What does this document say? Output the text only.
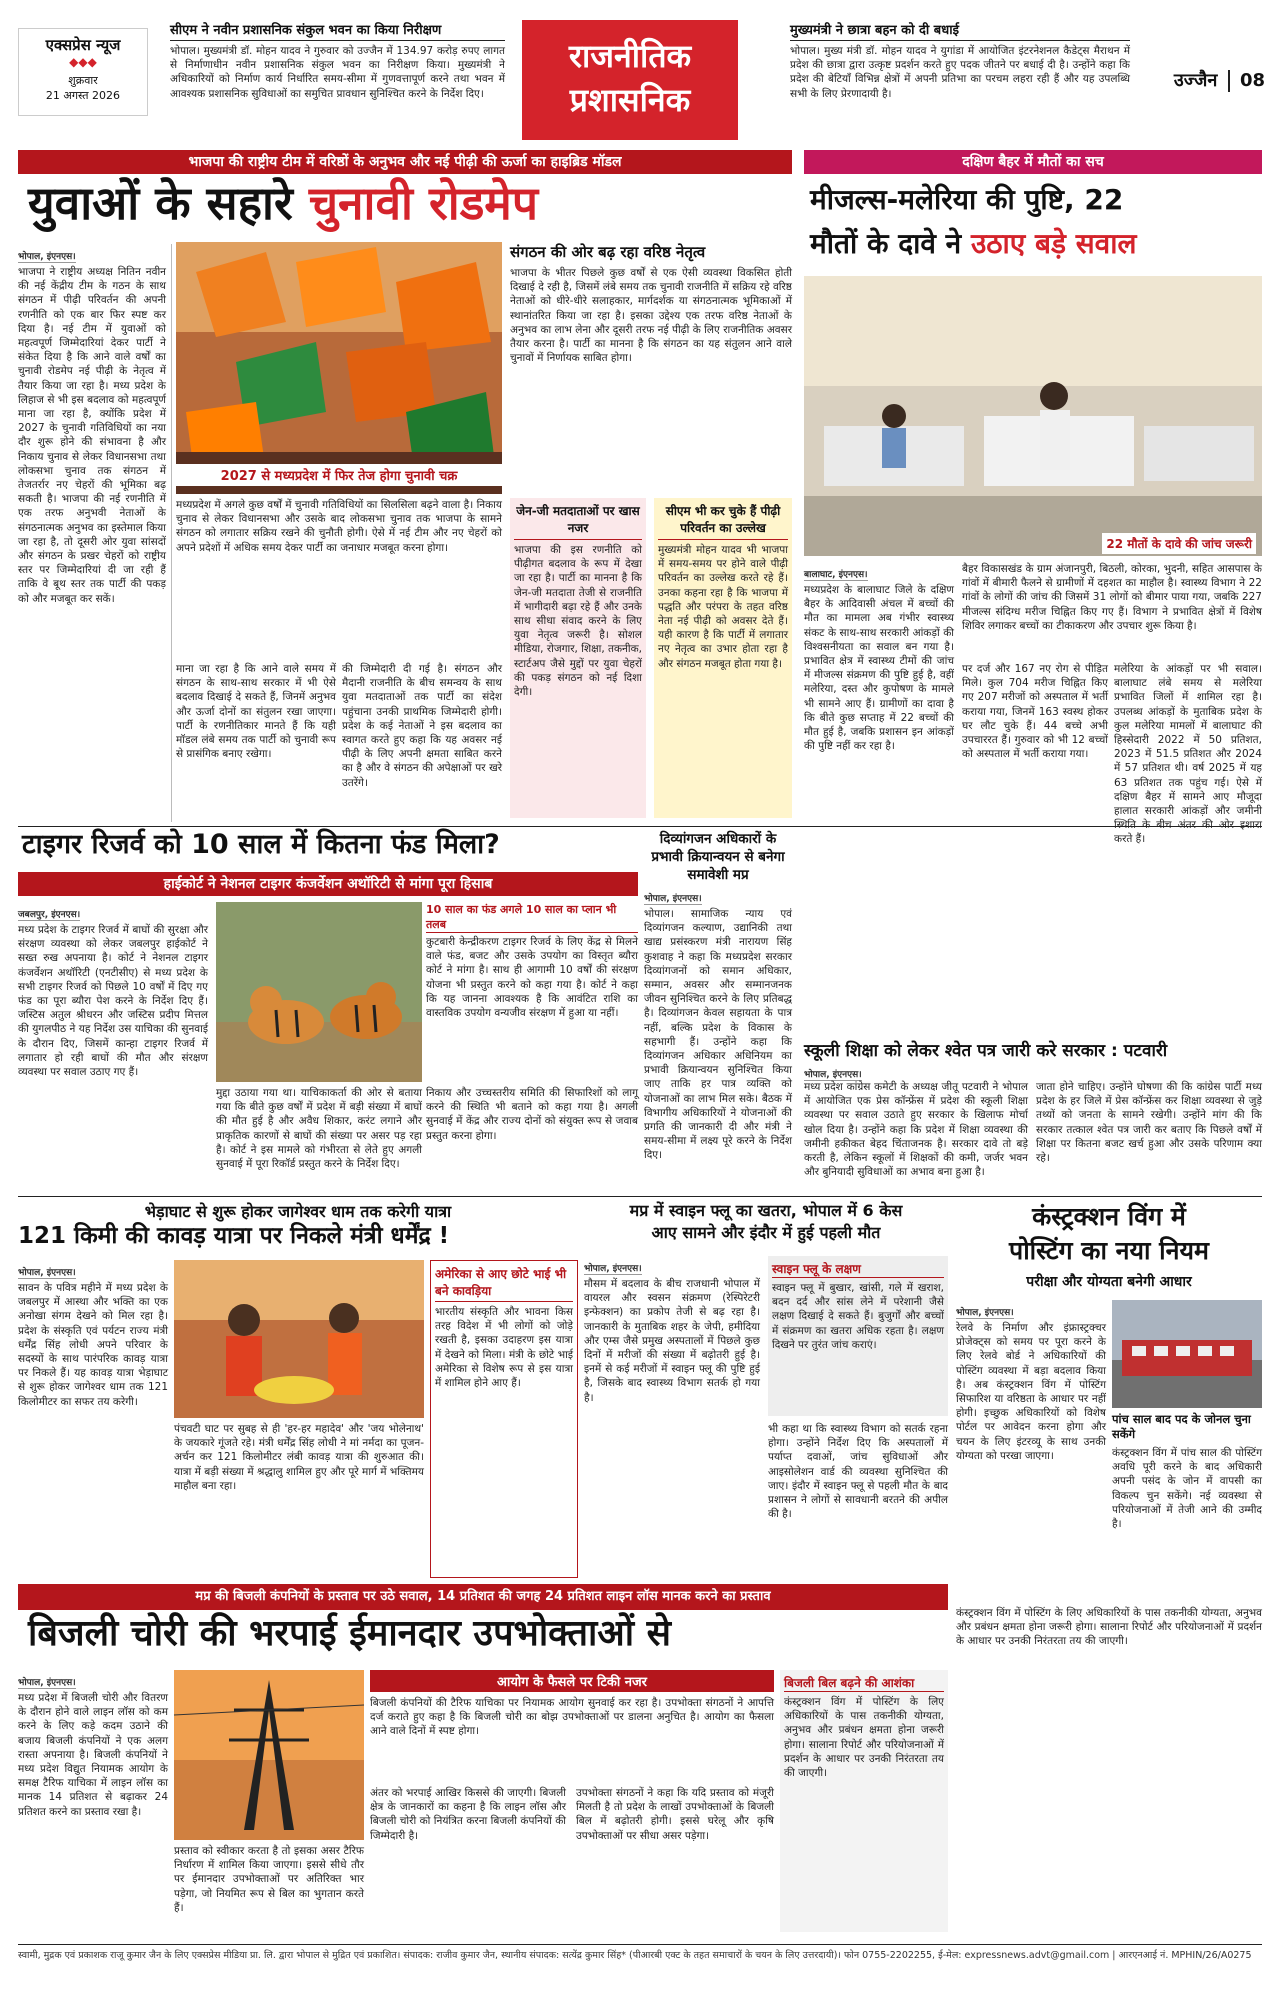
एक्सप्रेस न्यूज
◆◆◆
शुक्रवार
21 अगस्त 2026
सीएम ने नवीन प्रशासनिक संकुल भवन का किया निरीक्षण
भोपाल। मुख्यमंत्री डॉ. मोहन यादव ने गुरुवार को उज्जैन में 134.97 करोड़ रुपए लागत से निर्माणाधीन नवीन प्रशासनिक संकुल भवन का निरीक्षण किया। मुख्यमंत्री ने अधिकारियों को निर्माण कार्य निर्धारित समय-सीमा में गुणवत्तापूर्ण करने तथा भवन में आवश्यक प्रशासनिक सुविधाओं का समुचित प्रावधान सुनिश्चित करने के निर्देश दिए।
राजनीतिक
प्रशासनिक
मुख्यमंत्री ने छात्रा बहन को दी बधाई
भोपाल। मुख्य मंत्री डॉ. मोहन यादव ने युगांडा में आयोजित इंटरनेशनल कैडेट्स मैराथन में प्रदेश की छात्रा द्वारा उत्कृष्ट प्रदर्शन करते हुए पदक जीतने पर बधाई दी है। उन्होंने कहा कि प्रदेश की बेटियाँ विभिन्न क्षेत्रों में अपनी प्रतिभा का परचम लहरा रही हैं और यह उपलब्धि सभी के लिए प्रेरणादायी है।
उज्जैन 08
भाजपा की राष्ट्रीय टीम में वरिष्ठों के अनुभव और नई पीढ़ी की ऊर्जा का हाइब्रिड मॉडल
युवाओं के सहारे चुनावी रोडमेप
भोपाल, इंएनएस।
भाजपा ने राष्ट्रीय अध्यक्ष नितिन नवीन की नई केंद्रीय टीम के गठन के साथ संगठन में पीढ़ी परिवर्तन की अपनी रणनीति को एक बार फिर स्पष्ट कर दिया है। नई टीम में युवाओं को महत्वपूर्ण जिम्मेदारियां देकर पार्टी ने संकेत दिया है कि आने वाले वर्षों का चुनावी रोडमेप नई पीढ़ी के नेतृत्व में तैयार किया जा रहा है। मध्य प्रदेश के लिहाज से भी इस बदलाव को महत्वपूर्ण माना जा रहा है, क्योंकि प्रदेश में 2027 के चुनावी गतिविधियों का नया दौर शुरू होने की संभावना है और निकाय चुनाव से लेकर विधानसभा तथा लोकसभा चुनाव तक संगठन में तेजतर्रार नए चेहरों की भूमिका बढ़ सकती है। भाजपा की नई रणनीति में एक तरफ अनुभवी नेताओं के संगठनात्मक अनुभव का इस्तेमाल किया जा रहा है, तो दूसरी ओर युवा सांसदों और संगठन के प्रखर चेहरों को राष्ट्रीय स्तर पर जिम्मेदारियां दी जा रही हैं ताकि वे बूथ स्तर तक पार्टी की पकड़ को और मजबूत कर सकें।
2027 से मध्यप्रदेश में फिर तेज होगा चुनावी चक्र
संगठन की ओर बढ़ रहा वरिष्ठ नेतृत्व
भाजपा के भीतर पिछले कुछ वर्षों से एक ऐसी व्यवस्था विकसित होती दिखाई दे रही है, जिसमें लंबे समय तक चुनावी राजनीति में सक्रिय रहे वरिष्ठ नेताओं को धीरे-धीरे सलाहकार, मार्गदर्शक या संगठनात्मक भूमिकाओं में स्थानांतरित किया जा रहा है। इसका उद्देश्य एक तरफ वरिष्ठ नेताओं के अनुभव का लाभ लेना और दूसरी तरफ नई पीढ़ी के लिए राजनीतिक अवसर तैयार करना है। पार्टी का मानना है कि संगठन का यह संतुलन आने वाले चुनावों में निर्णायक साबित होगा।
मध्यप्रदेश में अगले कुछ वर्षों में चुनावी गतिविधियों का सिलसिला बढ़ने वाला है। निकाय चुनाव से लेकर विधानसभा और उसके बाद लोकसभा चुनाव तक भाजपा के सामने संगठन को लगातार सक्रिय रखने की चुनौती होगी। ऐसे में नई टीम और नए चेहरों को अपने प्रदेशों में अधिक समय देकर पार्टी का जनाधार मजबूत करना होगा।
जेन-जी मतदाताओं पर खास नजर
भाजपा की इस रणनीति को पीढ़ीगत बदलाव के रूप में देखा जा रहा है। पार्टी का मानना है कि जेन-जी मतदाता तेजी से राजनीति में भागीदारी बढ़ा रहे हैं और उनके साथ सीधा संवाद करने के लिए युवा नेतृत्व जरूरी है। सोशल मीडिया, रोजगार, शिक्षा, तकनीक, स्टार्टअप जैसे मुद्दों पर युवा चेहरों की पकड़ संगठन को नई दिशा देगी।
सीएम भी कर चुके हैं पीढ़ी परिवर्तन का उल्लेख
मुख्यमंत्री मोहन यादव भी भाजपा में समय-समय पर होने वाले पीढ़ी परिवर्तन का उल्लेख करते रहे हैं। उनका कहना रहा है कि भाजपा में पद्धति और परंपरा के तहत वरिष्ठ नेता नई पीढ़ी को अवसर देते हैं। यही कारण है कि पार्टी में लगातार नए नेतृत्व का उभार होता रहा है और संगठन मजबूत होता गया है।
माना जा रहा है कि आने वाले समय में संगठन के साथ-साथ सरकार में भी ऐसे बदलाव दिखाई दे सकते हैं, जिनमें अनुभव और ऊर्जा दोनों का संतुलन रखा जाएगा। पार्टी के रणनीतिकार मानते हैं कि यही मॉडल लंबे समय तक पार्टी को चुनावी रूप से प्रासंगिक बनाए रखेगा।
की जिम्मेदारी दी गई है। संगठन और मैदानी राजनीति के बीच समन्वय के साथ युवा मतदाताओं तक पार्टी का संदेश पहुंचाना उनकी प्राथमिक जिम्मेदारी होगी। प्रदेश के कई नेताओं ने इस बदलाव का स्वागत करते हुए कहा कि यह अवसर नई पीढ़ी के लिए अपनी क्षमता साबित करने का है और वे संगठन की अपेक्षाओं पर खरे उतरेंगे।
दक्षिण बैहर में मौतों का सच
मीजल्स-मलेरिया की पुष्टि, 22
मौतों के दावे ने उठाए बड़े सवाल
22 मौतों के दावे की जांच जरूरी
बालाघाट, इंएनएस।
मध्यप्रदेश के बालाघाट जिले के दक्षिण बैहर के आदिवासी अंचल में बच्चों की मौत का मामला अब गंभीर स्वास्थ्य संकट के साथ-साथ सरकारी आंकड़ों की विश्वसनीयता का सवाल बन गया है। प्रभावित क्षेत्र में स्वास्थ्य टीमों की जांच में मीजल्स संक्रमण की पुष्टि हुई है, वहीं मलेरिया, दस्त और कुपोषण के मामले भी सामने आए हैं। ग्रामीणों का दावा है कि बीते कुछ सप्ताह में 22 बच्चों की मौत हुई है, जबकि प्रशासन इन आंकड़ों की पुष्टि नहीं कर रहा है।
बैहर विकासखंड के ग्राम अंजानपुरी, बिठली, कोरका, भुदनी, सहित आसपास के गांवों में बीमारी फैलने से ग्रामीणों में दहशत का माहौल है। स्वास्थ्य विभाग ने 22 गांवों के लोगों की जांच की जिसमें 31 लोगों को बीमार पाया गया, जबकि 227 मीजल्स संदिग्ध मरीज चिह्नित किए गए हैं। विभाग ने प्रभावित क्षेत्रों में विशेष शिविर लगाकर बच्चों का टीकाकरण और उपचार शुरू किया है।
पर दर्ज और 167 नए रोग से पीड़ित मिले। कुल 704 मरीज चिह्नित किए गए 207 मरीजों को अस्पताल में भर्ती कराया गया, जिनमें 163 स्वस्थ होकर घर लौट चुके हैं। 44 बच्चे अभी उपचाररत हैं। गुरुवार को भी 12 बच्चों को अस्पताल में भर्ती कराया गया।
मलेरिया के आंकड़ों पर भी सवाल। बालाघाट लंबे समय से मलेरिया प्रभावित जिलों में शामिल रहा है। उपलब्ध आंकड़ों के मुताबिक प्रदेश के कुल मलेरिया मामलों में बालाघाट की हिस्सेदारी 2022 में 50 प्रतिशत, 2023 में 51.5 प्रतिशत और 2024 में 57 प्रतिशत थी। वर्ष 2025 में यह 63 प्रतिशत तक पहुंच गई। ऐसे में दक्षिण बैहर में सामने आए मौजूदा हालात सरकारी आंकड़ों और जमीनी करते हैं।
टाइगर रिजर्व को 10 साल में कितना फंड मिला?
हाईकोर्ट ने नेशनल टाइगर कंजर्वेशन अथॉरिटी से मांगा पूरा हिसाब
जबलपुर, इंएनएस।
मध्य प्रदेश के टाइगर रिजर्व में बाघों की सुरक्षा और संरक्षण व्यवस्था को लेकर जबलपुर हाईकोर्ट ने सख्त रुख अपनाया है। कोर्ट ने नेशनल टाइगर कंजर्वेशन अथॉरिटी (एनटीसीए) से मध्य प्रदेश के सभी टाइगर रिजर्व को पिछले 10 वर्षों में दिए गए फंड का पूरा ब्यौरा पेश करने के निर्देश दिए हैं। जस्टिस अतुल श्रीधरन और जस्टिस प्रदीप मित्तल की युगलपीठ ने यह निर्देश उस याचिका की सुनवाई के दौरान दिए, जिसमें कान्हा टाइगर रिजर्व में लगातार हो रही बाघों की मौत और संरक्षण व्यवस्था पर सवाल उठाए गए हैं।
10 साल का फंड अगले 10 साल का प्लान भी तलब
कुटबारी केन्द्रीकरण टाइगर रिजर्व के लिए केंद्र से मिलने वाले फंड, बजट और उसके उपयोग का विस्तृत ब्यौरा कोर्ट ने मांगा है। साथ ही आगामी 10 वर्षों की संरक्षण योजना भी प्रस्तुत करने को कहा गया है। कोर्ट ने कहा कि यह जानना आवश्यक है कि आवंटित राशि का वास्तविक उपयोग वन्यजीव संरक्षण में हुआ या नहीं।
मुद्दा उठाया गया था। याचिकाकर्ता की ओर से बताया गया कि बीते कुछ वर्षों में प्रदेश में बड़ी संख्या में बाघों की मौत हुई है और अवैध शिकार, करंट लगाने और प्राकृतिक कारणों से बाघों की संख्या पर असर पड़ रहा है। कोर्ट ने इस मामले को गंभीरता से लेते हुए अगली सुनवाई में पूरा रिकॉर्ड प्रस्तुत करने के निर्देश दिए।
निकाय और उच्चस्तरीय समिति की सिफारिशों को लागू करने की स्थिति भी बताने को कहा गया है। अगली सुनवाई में केंद्र और राज्य दोनों को संयुक्त रूप से जवाब प्रस्तुत करना होगा।
दिव्यांगजन अधिकारों के प्रभावी क्रियान्वयन से बनेगा समावेशी मप्र
भोपाल, इंएनएस।
भोपाल। सामाजिक न्याय एवं दिव्यांगजन कल्याण, उद्यानिकी तथा खाद्य प्रसंस्करण मंत्री नारायण सिंह कुशवाह ने कहा कि मध्यप्रदेश सरकार दिव्यांगजनों को समान अधिकार, सम्मान, अवसर और सम्मानजनक जीवन सुनिश्चित करने के लिए प्रतिबद्ध है। दिव्यांगजन केवल सहायता के पात्र नहीं, बल्कि प्रदेश के विकास के सहभागी हैं। उन्होंने कहा कि दिव्यांगजन अधिकार अधिनियम का प्रभावी क्रियान्वयन सुनिश्चित किया जाए ताकि हर पात्र व्यक्ति को योजनाओं का लाभ मिल सके। बैठक में विभागीय अधिकारियों ने योजनाओं की प्रगति की जानकारी दी और मंत्री ने समय-सीमा में लक्ष्य पूरे करने के निर्देश दिए।
स्कूली शिक्षा को लेकर श्वेत पत्र जारी करे सरकार : पटवारी
भोपाल, इंएनएस।
मध्य प्रदेश कांग्रेस कमेटी के अध्यक्ष जीतू पटवारी ने भोपाल में आयोजित एक प्रेस कॉन्फ्रेंस में प्रदेश की स्कूली शिक्षा व्यवस्था पर सवाल उठाते हुए सरकार के खिलाफ मोर्चा खोल दिया है। उन्होंने कहा कि प्रदेश में शिक्षा व्यवस्था की जमीनी हकीकत बेहद चिंताजनक है। सरकार दावे तो बड़े करती है, लेकिन स्कूलों में शिक्षकों की कमी, जर्जर भवन और बुनियादी सुविधाओं का अभाव बना हुआ है।
जाता होने चाहिए। उन्होंने घोषणा की कि कांग्रेस पार्टी मध्य प्रदेश के हर जिले में प्रेस कॉन्फ्रेंस कर शिक्षा व्यवस्था से जुड़े तथ्यों को जनता के सामने रखेगी। उन्होंने मांग की कि सरकार तत्काल श्वेत पत्र जारी कर बताए कि पिछले वर्षों में शिक्षा पर कितना बजट खर्च हुआ और उसके परिणाम क्या रहे।
भेड़ाघाट से शुरू होकर जागेश्वर धाम तक करेगी यात्रा
121 किमी की कावड़ यात्रा पर निकले मंत्री धर्मेंद्र !
भोपाल, इंएनएस।
सावन के पवित्र महीने में मध्य प्रदेश के जबलपुर में आस्था और भक्ति का एक अनोखा संगम देखने को मिल रहा है। प्रदेश के संस्कृति एवं पर्यटन राज्य मंत्री धर्मेंद्र सिंह लोधी अपने परिवार के सदस्यों के साथ पारंपरिक कावड़ यात्रा पर निकले हैं। यह कावड़ यात्रा भेड़ाघाट से शुरू होकर जागेश्वर धाम तक 121 किलोमीटर का सफर तय करेगी।
अमेरिका से आए छोटे भाई भी बने कावड़िया
भारतीय संस्कृति और भावना किस तरह विदेश में भी लोगों को जोड़े रखती है, इसका उदाहरण इस यात्रा में देखने को मिला। मंत्री के छोटे भाई अमेरिका से विशेष रूप से इस यात्रा में शामिल होने आए हैं।
पंचवटी घाट पर सुबह से ही 'हर-हर महादेव' और 'जय भोलेनाथ' के जयकारे गूंजते रहे। मंत्री धर्मेंद्र सिंह लोधी ने मां नर्मदा का पूजन-अर्चन कर 121 किलोमीटर लंबी कावड़ यात्रा की शुरुआत की। यात्रा में बड़ी संख्या में श्रद्धालु शामिल हुए और पूरे मार्ग में भक्तिमय माहौल बना रहा।
मप्र में स्वाइन फ्लू का खतरा, भोपाल में 6 केस
आए सामने और इंदौर में हुई पहली मौत
भोपाल, इंएनएस।
मौसम में बदलाव के बीच राजधानी भोपाल में वायरल और स्वसन संक्रमण (रेस्पिरेटरी इन्फेक्शन) का प्रकोप तेजी से बढ़ रहा है। जानकारी के मुताबिक शहर के जेपी, हमीदिया और एम्स जैसे प्रमुख अस्पतालों में पिछले कुछ दिनों में मरीजों की संख्या में बढ़ोतरी हुई है। इनमें से कई मरीजों में स्वाइन फ्लू की पुष्टि हुई है, जिसके बाद स्वास्थ्य विभाग सतर्क हो गया है।
स्वाइन फ्लू के लक्षण
स्वाइन फ्लू में बुखार, खांसी, गले में खराश, बदन दर्द और सांस लेने में परेशानी जैसे लक्षण दिखाई दे सकते हैं। बुजुर्गों और बच्चों में संक्रमण का खतरा अधिक रहता है। लक्षण दिखने पर तुरंत जांच कराएं।
भी कहा था कि स्वास्थ्य विभाग को सतर्क रहना होगा। उन्होंने निर्देश दिए कि अस्पतालों में पर्याप्त दवाओं, जांच सुविधाओं और आइसोलेशन वार्ड की व्यवस्था सुनिश्चित की जाए। इंदौर में स्वाइन फ्लू से पहली मौत के बाद प्रशासन ने लोगों से सावधानी बरतने की अपील की है।
कंस्ट्रक्शन विंग में
पोस्टिंग का नया नियम
परीक्षा और योग्यता बनेगी आधार
भोपाल, इंएनएस।
रेलवे के निर्माण और इंफ्रास्ट्रक्चर प्रोजेक्ट्स को समय पर पूरा करने के लिए रेलवे बोर्ड ने अधिकारियों की पोस्टिंग व्यवस्था में बड़ा बदलाव किया है। अब कंस्ट्रक्शन विंग में पोस्टिंग सिफारिश या वरिष्ठता के आधार पर नहीं होगी। इच्छुक अधिकारियों को विशेष पोर्टल पर आवेदन करना होगा और चयन के लिए इंटरव्यू के साथ उनकी योग्यता को परखा जाएगा।
पांच साल बाद पद के जोनल चुना सकेंगे
कंस्ट्रक्शन विंग में पांच साल की पोस्टिंग अवधि पूरी करने के बाद अधिकारी अपनी पसंद के जोन में वापसी का विकल्प चुन सकेंगे। नई व्यवस्था से परियोजनाओं में तेजी आने की उम्मीद है।
मप्र की बिजली कंपनियों के प्रस्ताव पर उठे सवाल, 14 प्रतिशत की जगह 24 प्रतिशत लाइन लॉस मानक करने का प्रस्ताव
बिजली चोरी की भरपाई ईमानदार उपभोक्ताओं से
भोपाल, इंएनएस।
मध्य प्रदेश में बिजली चोरी और वितरण के दौरान होने वाले लाइन लॉस को कम करने के लिए कड़े कदम उठाने की बजाय बिजली कंपनियों ने एक अलग रास्ता अपनाया है। बिजली कंपनियों ने मध्य प्रदेश विद्युत नियामक आयोग के समक्ष टैरिफ याचिका में लाइन लॉस का मानक 14 प्रतिशत से बढ़ाकर 24 प्रतिशत करने का प्रस्ताव रखा है।
प्रस्ताव को स्वीकार करता है तो इसका असर टैरिफ निर्धारण में शामिल किया जाएगा। इससे सीधे तौर पर ईमानदार उपभोक्ताओं पर अतिरिक्त भार पड़ेगा, जो नियमित रूप से बिल का भुगतान करते हैं।
आयोग के फैसले पर टिकी नजर
बिजली कंपनियों की टैरिफ याचिका पर नियामक आयोग सुनवाई कर रहा है। उपभोक्ता संगठनों ने आपत्ति दर्ज कराते हुए कहा है कि बिजली चोरी का बोझ उपभोक्ताओं पर डालना अनुचित है। आयोग का फैसला आने वाले दिनों में स्पष्ट होगा।
अंतर को भरपाई आखिर किससे की जाएगी। बिजली क्षेत्र के जानकारों का कहना है कि लाइन लॉस और बिजली चोरी को नियंत्रित करना बिजली कंपनियों की जिम्मेदारी है।
उपभोक्ता संगठनों ने कहा कि यदि प्रस्ताव को मंजूरी मिलती है तो प्रदेश के लाखों उपभोक्ताओं के बिजली बिल में बढ़ोतरी होगी। इससे घरेलू और कृषि उपभोक्ताओं पर सीधा असर पड़ेगा।
बिजली बिल बढ़ने की आशंका
कंस्ट्रक्शन विंग में पोस्टिंग के लिए अधिकारियों के पास तकनीकी योग्यता, अनुभव और प्रबंधन क्षमता होना जरूरी होगा। सालाना रिपोर्ट और परियोजनाओं में प्रदर्शन के आधार पर उनकी निरंतरता तय की जाएगी।
कंस्ट्रक्शन विंग में पोस्टिंग के लिए अधिकारियों के पास तकनीकी योग्यता, अनुभव और प्रबंधन क्षमता होना जरूरी होगा। सालाना रिपोर्ट और परियोजनाओं में प्रदर्शन के आधार पर उनकी निरंतरता तय की जाएगी।
स्वामी, मुद्रक एवं प्रकाशक राजू कुमार जैन के लिए एक्सप्रेस मीडिया प्रा. लि. द्वारा भोपाल से मुद्रित एवं प्रकाशित। संपादक: राजीव कुमार जैन, स्थानीय संपादक: सत्येंद्र कुमार सिंह* (पीआरबी एक्ट के तहत समाचारों के चयन के लिए उत्तरदायी)। फोन 0755-2202255, ई-मेल: expressnews.advt@gmail.com | आरएनआई नं. MPHIN/26/A0275
